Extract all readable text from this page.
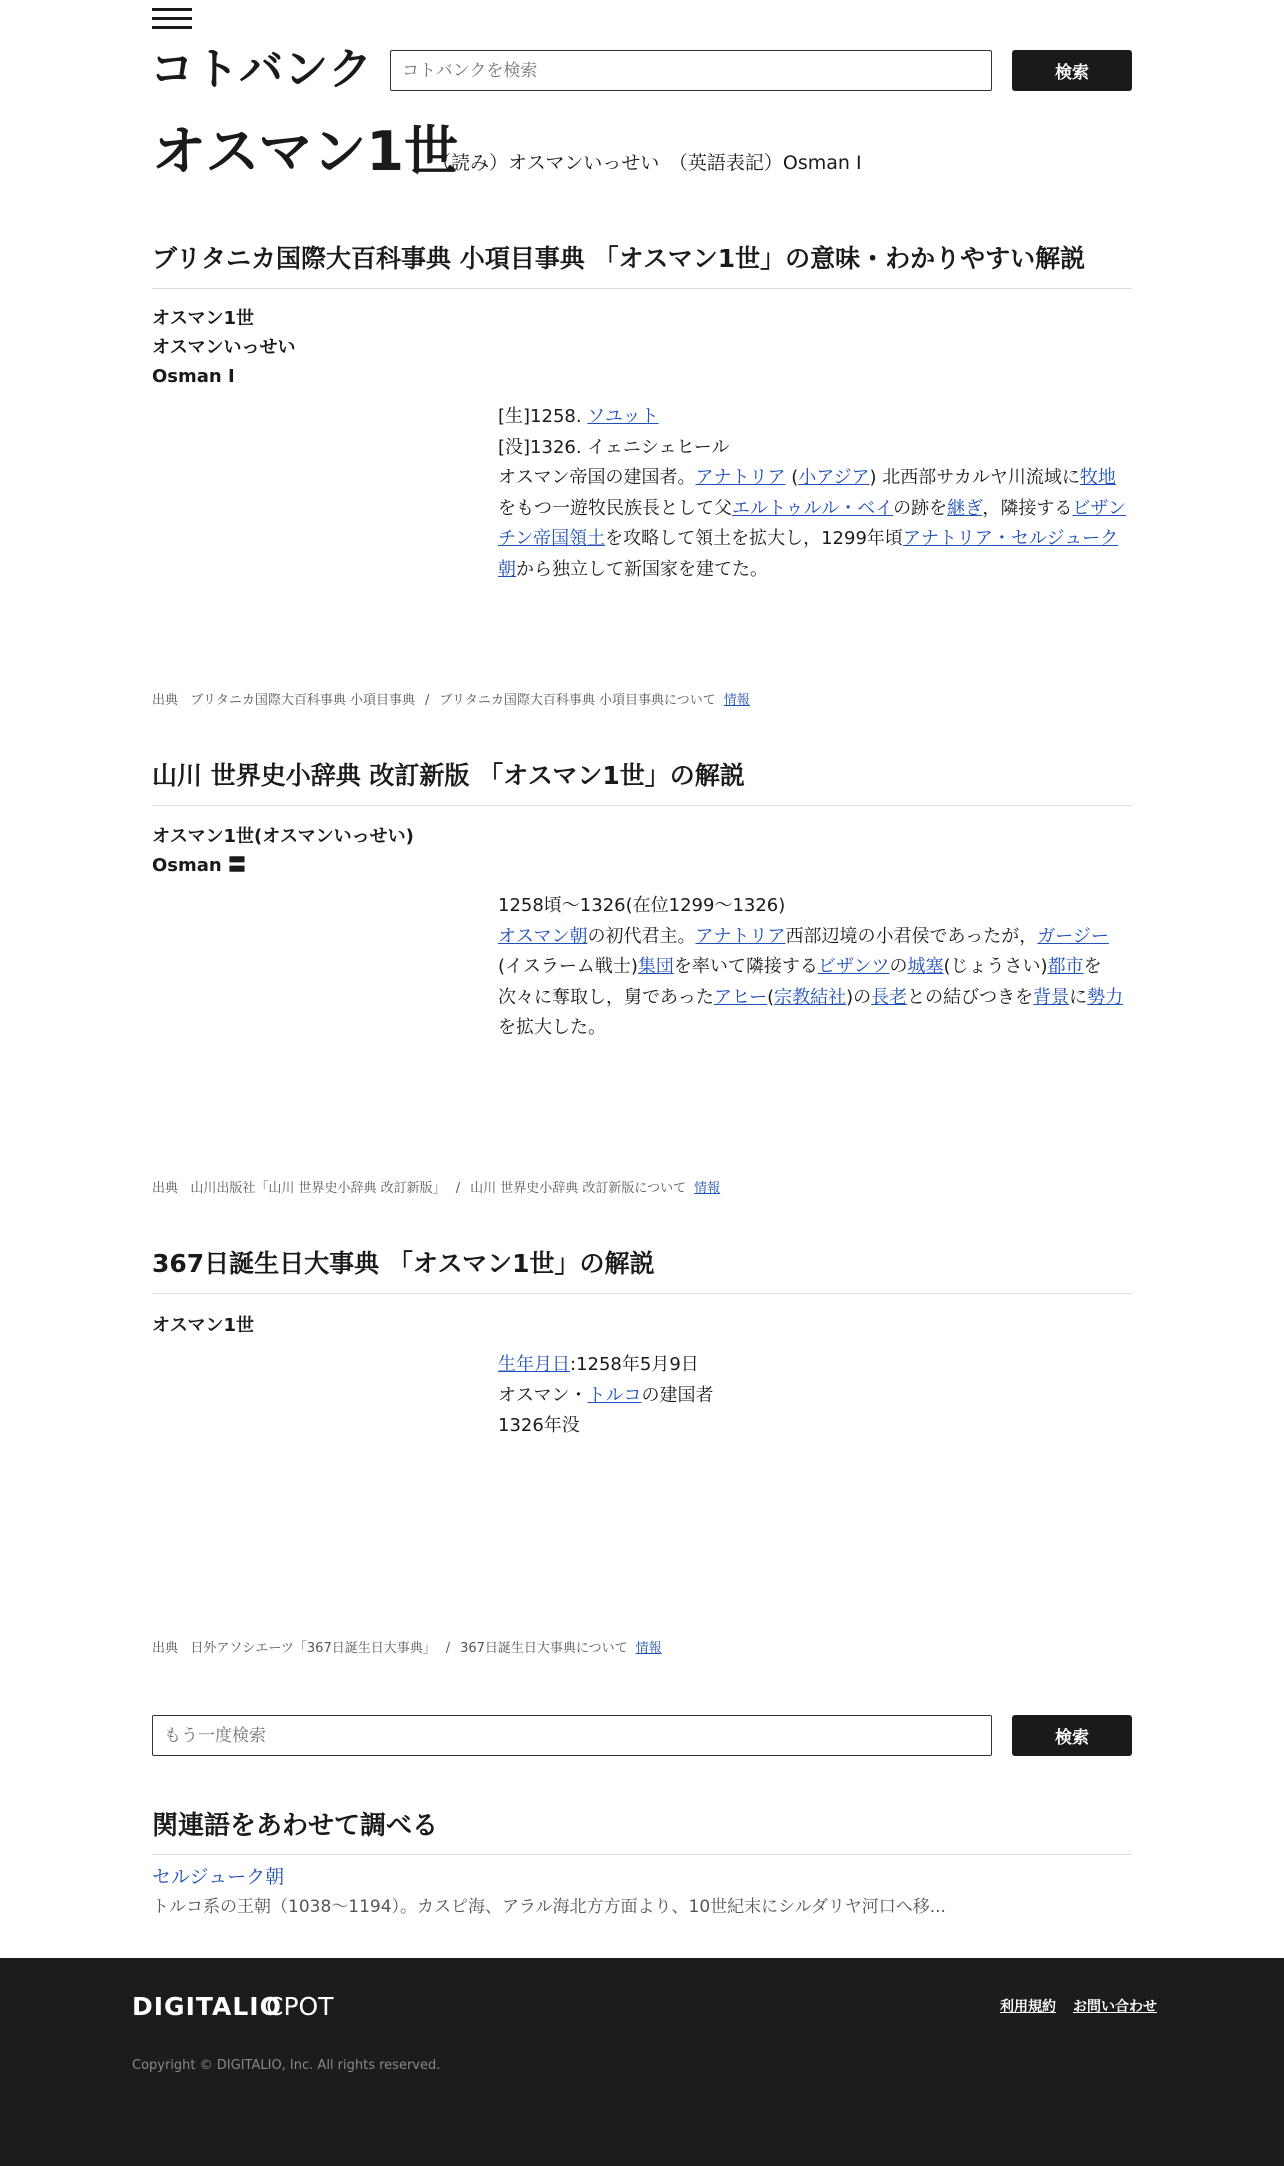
コトバンク
コトバンクを検索	検索
オスマン1世
（読み）オスマンいっせい　（英語表記）Osman I
ブリタニカ国際大百科事典 小項目事典 「オスマン1世」の意味・わかりやすい解説
オスマン1世
オスマンいっせい
Osman I
[生]1258. ソユット
[没]1326. イェニシェヒール
オスマン帝国の建国者。アナトリア (小アジア) 北西部サカルヤ川流域に牧地をもつ一遊牧民族長として父エルトゥルル・ベイの跡を継ぎ，隣接するビザンチン帝国領土を攻略して領土を拡大し，1299年頃アナトリア・セルジューク朝から独立して新国家を建てた。
出典 ブリタニカ国際大百科事典 小項目事典 / ブリタニカ国際大百科事典 小項目事典について 情報
山川 世界史小辞典 改訂新版 「オスマン1世」の解説
オスマン1世(オスマンいっせい)
Osman 〓
1258頃〜1326(在位1299〜1326)
オスマン朝の初代君主。アナトリア西部辺境の小君侯であったが，ガージー(イスラーム戦士)集団を率いて隣接するビザンツの城塞(じょうさい)都市を次々に奪取し，舅であったアヒー(宗教結社)の長老との結びつきを背景に勢力を拡大した。
出典 山川出版社「山川 世界史小辞典 改訂新版」 / 山川 世界史小辞典 改訂新版について 情報
367日誕生日大事典 「オスマン1世」の解説
オスマン1世
生年月日:1258年5月9日
オスマン・トルコの建国者
1326年没
出典 日外アソシエーツ「367日誕生日大事典」 / 367日誕生日大事典について 情報
もう一度検索
検索
関連語をあわせて調べる
セルジューク朝
トルコ系の王朝（1038〜1194）。カスピ海、アラル海北方方面より、10世紀末にシルダリヤ河口へ移...
DIGITALIO
CPOT	利用規約 お問い合わせ
Copyright © DIGITALIO, Inc. All rights reserved.
